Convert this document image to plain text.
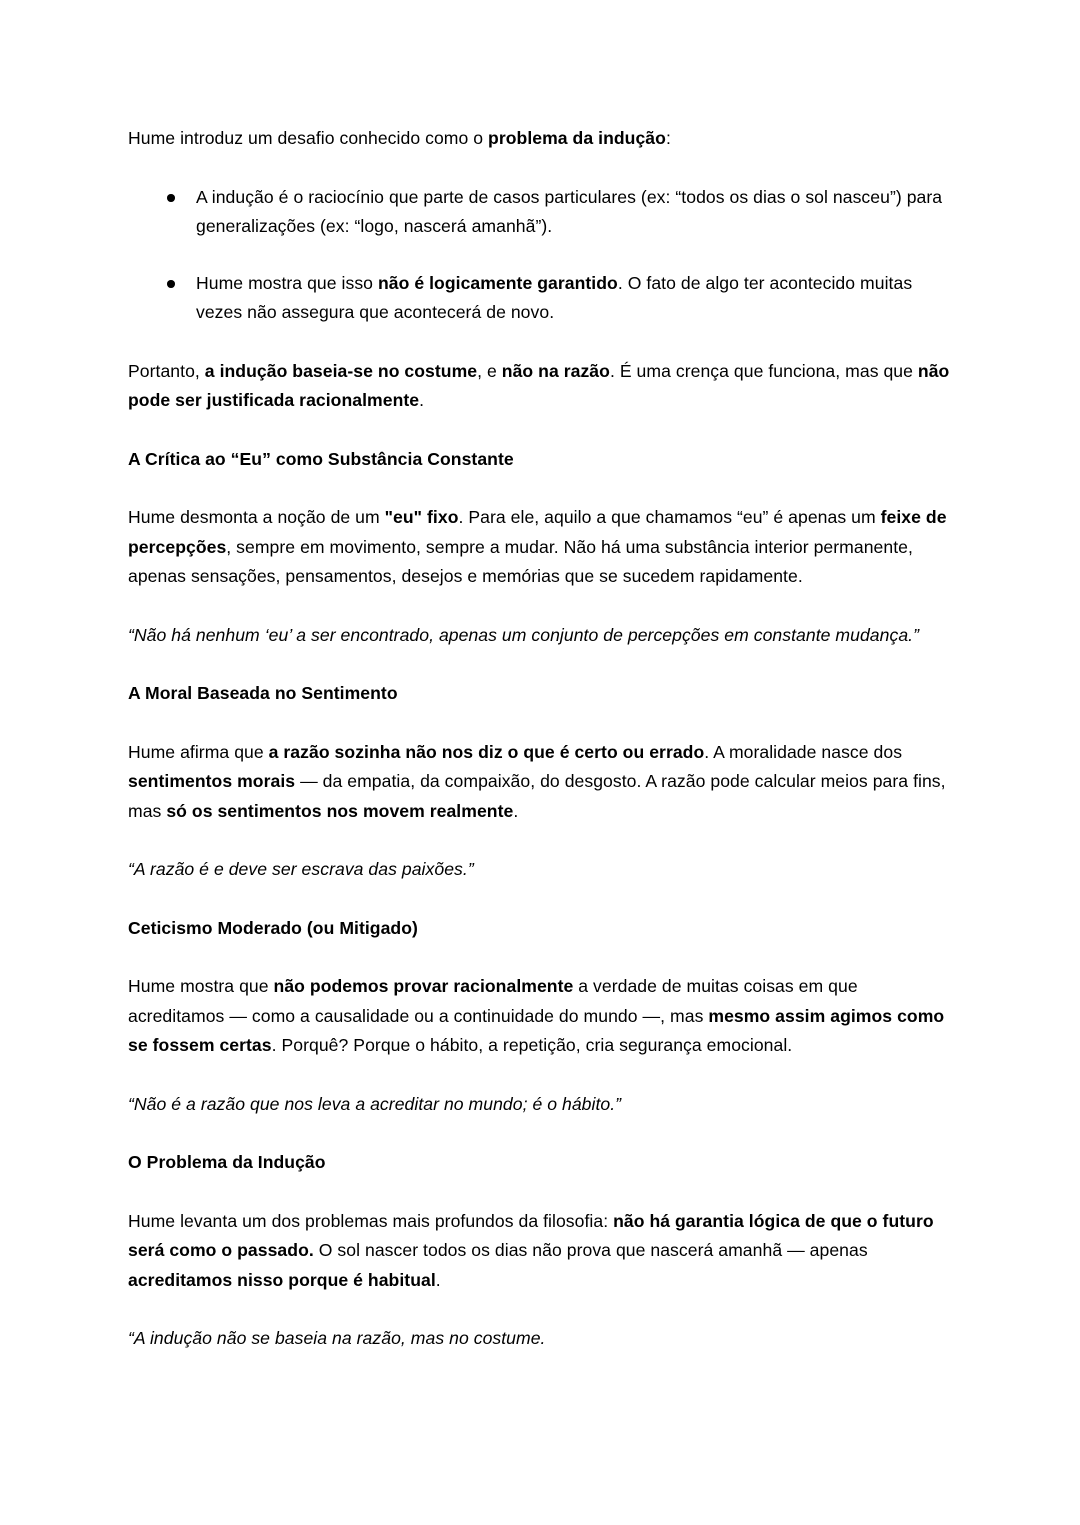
Hume introduz um desafio conhecido como o problema da indução:

A indução é o raciocínio que parte de casos particulares (ex: “todos os dias o sol nasceu”) para generalizações (ex: “logo, nascerá amanhã”).
Hume mostra que isso não é logicamente garantido. O fato de algo ter acontecido muitas vezes não assegura que acontecerá de novo.

Portanto, a indução baseia-se no costume, e não na razão. É uma crença que funciona, mas que não pode ser justificada racionalmente.

A Crítica ao “Eu” como Substância Constante

Hume desmonta a noção de um "eu" fixo. Para ele, aquilo a que chamamos “eu” é apenas um feixe de percepções, sempre em movimento, sempre a mudar. Não há uma substância interior permanente, apenas sensações, pensamentos, desejos e memórias que se sucedem rapidamente.

“Não há nenhum ‘eu’ a ser encontrado, apenas um conjunto de percepções em constante mudança.”

A Moral Baseada no Sentimento

Hume afirma que a razão sozinha não nos diz o que é certo ou errado. A moralidade nasce dos sentimentos morais — da empatia, da compaixão, do desgosto. A razão pode calcular meios para fins, mas só os sentimentos nos movem realmente.

“A razão é e deve ser escrava das paixões.”

Ceticismo Moderado (ou Mitigado)

Hume mostra que não podemos provar racionalmente a verdade de muitas coisas em que acreditamos — como a causalidade ou a continuidade do mundo —, mas mesmo assim agimos como se fossem certas. Porquê? Porque o hábito, a repetição, cria segurança emocional.

“Não é a razão que nos leva a acreditar no mundo; é o hábito.”

O Problema da Indução

Hume levanta um dos problemas mais profundos da filosofia: não há garantia lógica de que o futuro será como o passado. O sol nascer todos os dias não prova que nascerá amanhã — apenas acreditamos nisso porque é habitual.

“A indução não se baseia na razão, mas no costume.
